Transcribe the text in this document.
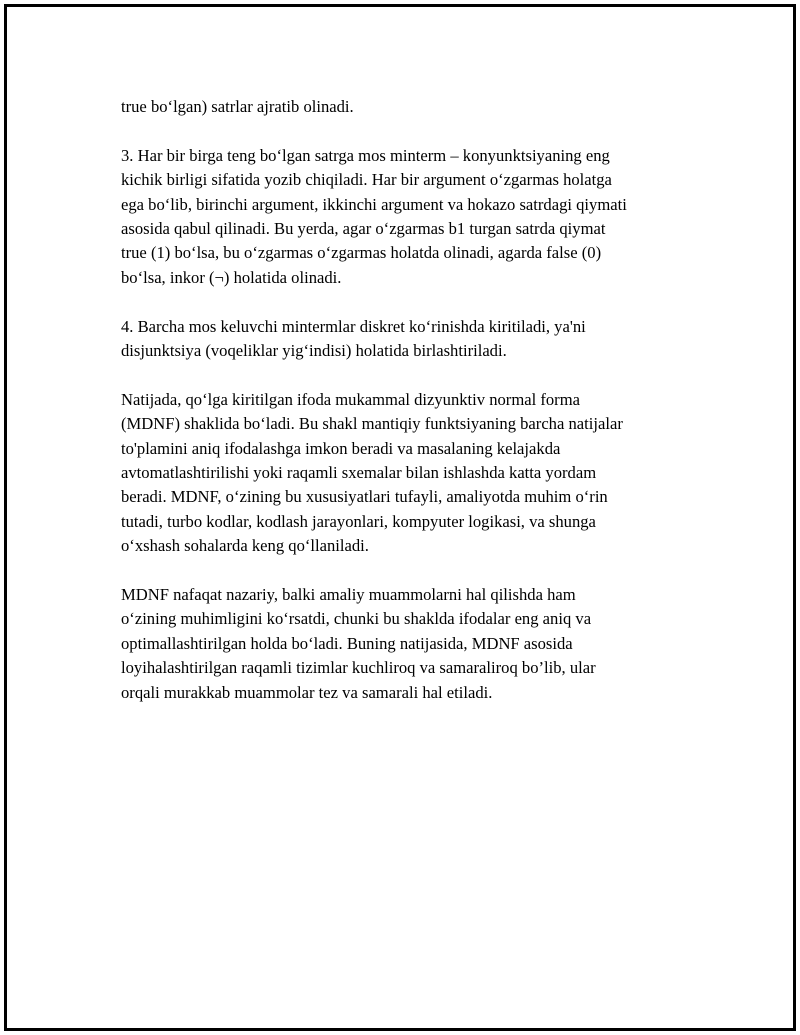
true bo‘lgan) satrlar ajratib olinadi.

3. Har bir birga teng bo‘lgan satrga mos minterm – konyunktsiyaning eng
kichik birligi sifatida yozib chiqiladi. Har bir argument o‘zgarmas holatga
ega bo‘lib, birinchi argument, ikkinchi argument va hokazo satrdagi qiymati
asosida qabul qilinadi. Bu yerda, agar o‘zgarmas b1 turgan satrda qiymat
true (1) bo‘lsa, bu o‘zgarmas o‘zgarmas holatda olinadi, agarda false (0)
bo‘lsa, inkor (¬) holatida olinadi.

4. Barcha mos keluvchi mintermlar diskret ko‘rinishda kiritiladi, ya'ni
disjunktsiya (voqeliklar yig‘indisi) holatida birlashtiriladi.

Natijada, qo‘lga kiritilgan ifoda mukammal dizyunktiv normal forma
(MDNF) shaklida bo‘ladi. Bu shakl mantiqiy funktsiyaning barcha natijalar
to'plamini aniq ifodalashga imkon beradi va masalaning kelajakda
avtomatlashtirilishi yoki raqamli sxemalar bilan ishlashda katta yordam
beradi. MDNF, o‘zining bu xususiyatlari tufayli, amaliyotda muhim o‘rin
tutadi, turbo kodlar, kodlash jarayonlari, kompyuter logikasi, va shunga
o‘xshash sohalarda keng qo‘llaniladi.

MDNF nafaqat nazariy, balki amaliy muammolarni hal qilishda ham
o‘zining muhimligini ko‘rsatdi, chunki bu shaklda ifodalar eng aniq va
optimallashtirilgan holda bo‘ladi. Buning natijasida, MDNF asosida
loyihalashtirilgan raqamli tizimlar kuchliroq va samaraliroq bo’lib, ular
orqali murakkab muammolar tez va samarali hal etiladi.
